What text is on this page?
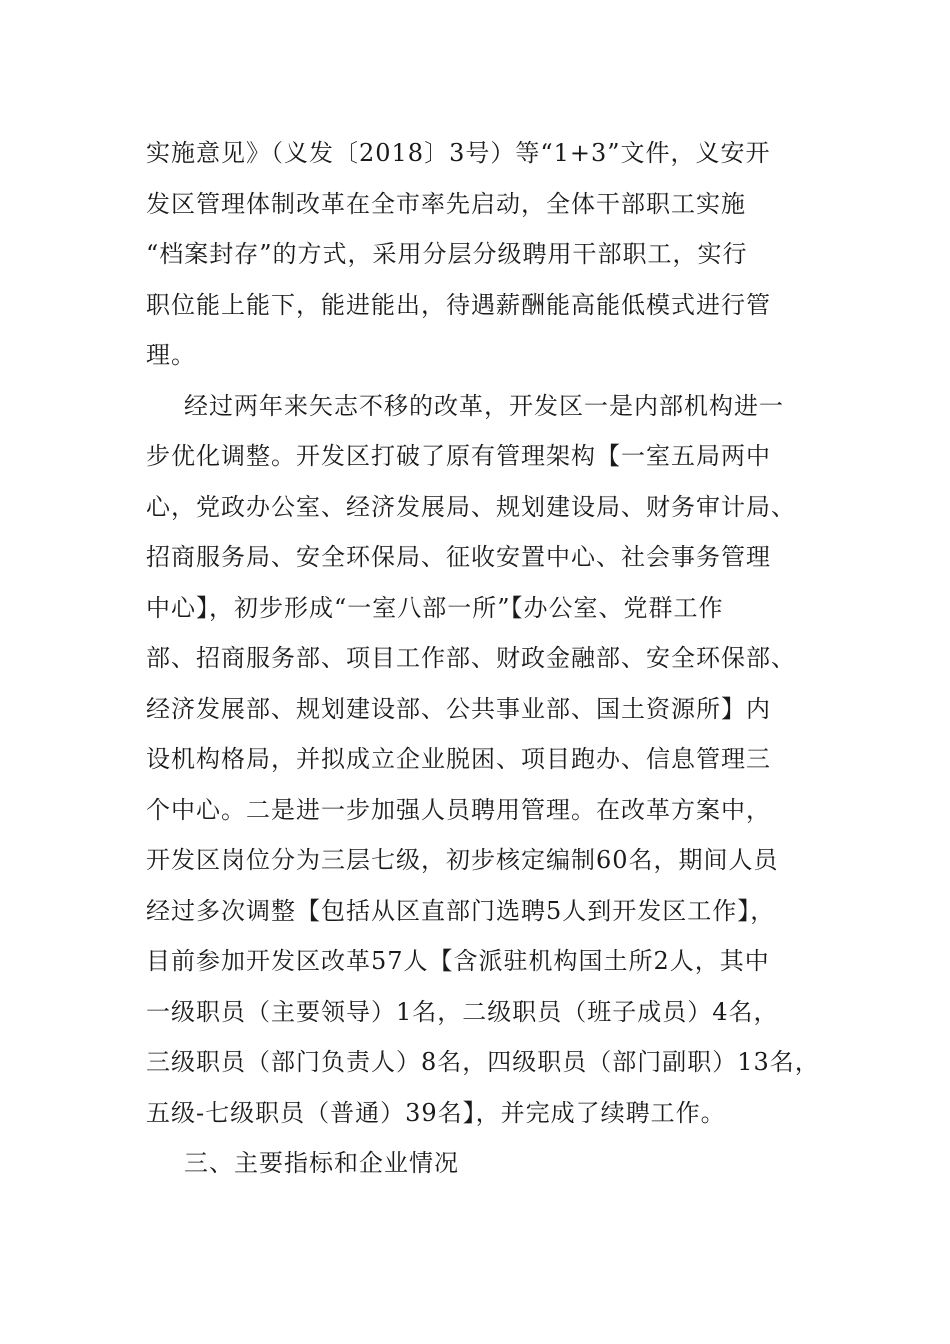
实施意见》（义发〔2018〕3号）等“1+3”文件，义安开
发区管理体制改革在全市率先启动，全体干部职工实施
“档案封存”的方式，采用分层分级聘用干部职工，实行
职位能上能下，能进能出，待遇薪酬能高能低模式进行管
理。
经过两年来矢志不移的改革，开发区一是内部机构进一
步优化调整。开发区打破了原有管理架构【一室五局两中
心，党政办公室、经济发展局、规划建设局、财务审计局、
招商服务局、安全环保局、征收安置中心、社会事务管理
中心】，初步形成“一室八部一所”【办公室、党群工作
部、招商服务部、项目工作部、财政金融部、安全环保部、
经济发展部、规划建设部、公共事业部、国土资源所】内
设机构格局，并拟成立企业脱困、项目跑办、信息管理三
个中心。二是进一步加强人员聘用管理。在改革方案中，
开发区岗位分为三层七级，初步核定编制60名，期间人员
经过多次调整【包括从区直部门选聘5人到开发区工作】，
目前参加开发区改革57人【含派驻机构国土所2人，其中
一级职员（主要领导）1名，二级职员（班子成员）4名，
三级职员（部门负责人）8名，四级职员（部门副职）13名，
五级-七级职员（普通）39名】，并完成了续聘工作。
三、主要指标和企业情况
